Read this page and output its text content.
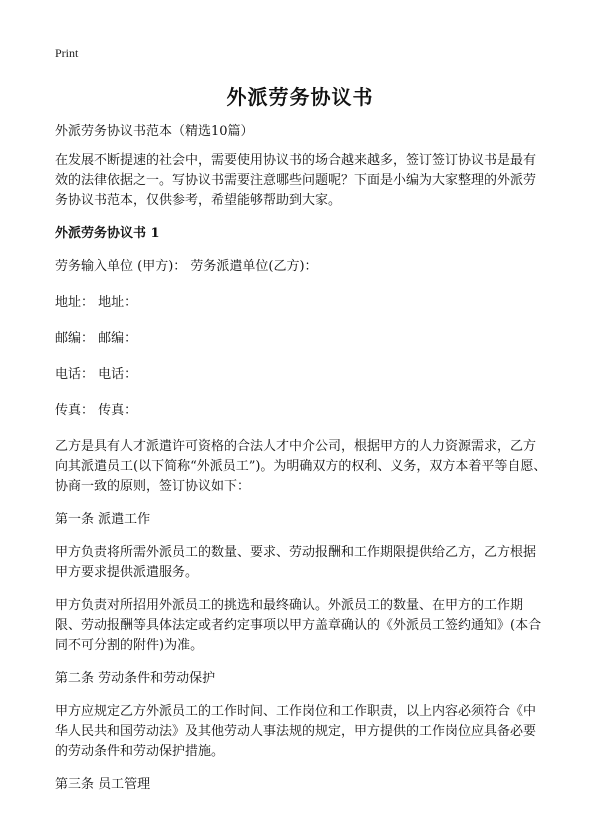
Print
外派劳务协议书

外派劳务协议书范本（精选10篇）

在发展不断提速的社会中，需要使用协议书的场合越来越多，签订签订协议书是最有效的法律依据之一。写协议书需要注意哪些问题呢？下面是小编为大家整理的外派劳务协议书范本，仅供参考，希望能够帮助到大家。

外派劳务协议书 1

劳务输入单位 (甲方)： 劳务派遣单位(乙方)：

地址： 地址：

邮编： 邮编：

电话： 电话：

传真： 传真：

乙方是具有人才派遣许可资格的合法人才中介公司，根据甲方的人力资源需求，乙方向其派遣员工(以下简称“外派员工”)。为明确双方的权利、义务，双方本着平等自愿、协商一致的原则，签订协议如下：

第一条 派遣工作

甲方负责将所需外派员工的数量、要求、劳动报酬和工作期限提供给乙方，乙方根据甲方要求提供派遣服务。

甲方负责对所招用外派员工的挑选和最终确认。外派员工的数量、在甲方的工作期限、劳动报酬等具体法定或者约定事项以甲方盖章确认的《外派员工签约通知》(本合同不可分割的附件)为准。

第二条 劳动条件和劳动保护

甲方应规定乙方外派员工的工作时间、工作岗位和工作职责，以上内容必须符合《中华人民共和国劳动法》及其他劳动人事法规的规定，甲方提供的工作岗位应具备必要的劳动条件和劳动保护措施。

第三条 员工管理
